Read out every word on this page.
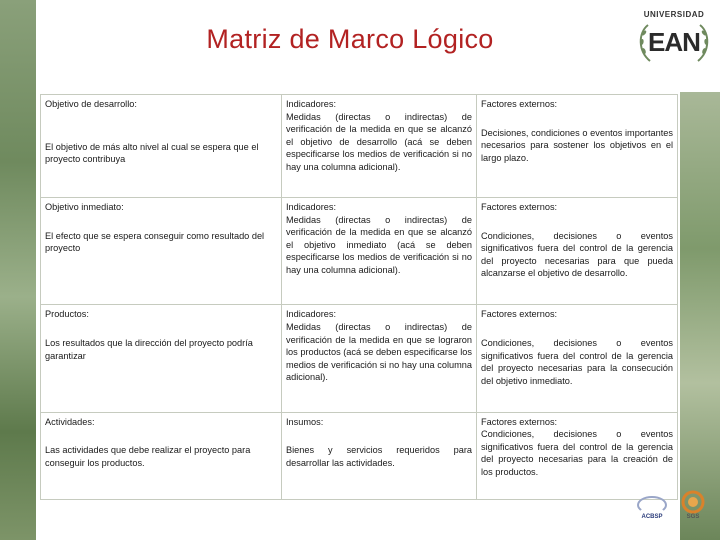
Matriz de Marco Lógico
UNIVERSIDAD
EAN
Objetivo de desarrollo:
El objetivo de más alto nivel al cual se espera que el proyecto contribuya	Indicadores:
Medidas (directas o indirectas) de verificación de la medida en que se alcanzó el objetivo de desarrollo (acá se deben especificarse los medios de verificación si no hay una columna adicional).	Factores externos:
Decisiones, condiciones o eventos importantes necesarios para sostener los objetivos en el largo plazo.

Objetivo inmediato:
El efecto que se espera conseguir como resultado del proyecto	Indicadores:
Medidas (directas o indirectas) de verificación de la medida en que se alcanzó el objetivo inmediato (acá se deben especificarse los medios de verificación si no hay una columna adicional).	Factores externos:
Condiciones, decisiones o eventos significativos fuera del control de la gerencia del proyecto necesarias para que pueda alcanzarse el objetivo de desarrollo.

Productos:
Los resultados que la dirección del proyecto podría garantizar	Indicadores:
Medidas (directas o indirectas) de verificación de la medida en que se lograron los productos (acá se deben especificarse los medios de verificación si no hay una columna adicional).	Factores externos:
Condiciones, decisiones o eventos significativos fuera del control de la gerencia del proyecto necesarias para la consecución del objetivo inmediato.

Actividades:
Las actividades que debe realizar el proyecto para conseguir los productos.	Insumos:
Bienes y servicios requeridos para desarrollar las actividades.	Factores externos:
Condiciones, decisiones o eventos significativos fuera del control de la gerencia del proyecto necesarias para la creación de los productos.
ACBSP	SGS
